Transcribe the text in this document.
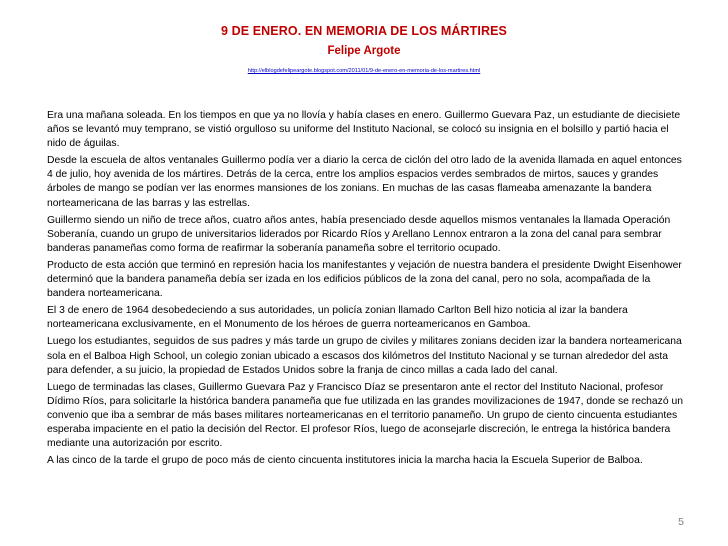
9 DE ENERO. EN MEMORIA DE LOS MÁRTIRES
Felipe Argote
http://elblogdefelipeargote.blogspot.com/2011/01/9-de-enero-en-memoria-de-los-martires.html

Era una mañana soleada. En los tiempos en que ya no llovía y había clases en enero. Guillermo Guevara Paz, un estudiante de diecisiete años se levantó muy temprano, se vistió orgulloso su uniforme del Instituto Nacional, se colocó su insignia en el bolsillo y partió hacia el nido de águilas.

Desde la escuela de altos ventanales Guillermo podía ver a diario la cerca de ciclón del otro lado de la avenida llamada en aquel entonces 4 de julio, hoy avenida de los mártires. Detrás de la cerca, entre los amplios espacios verdes sembrados de mirtos, sauces y grandes árboles de mango se podían ver las enormes mansiones de los zonians. En muchas de las casas flameaba amenazante la bandera norteamericana de las barras y las estrellas.

Guillermo siendo un niño de trece años, cuatro años antes, había presenciado desde aquellos mismos ventanales la llamada Operación Soberanía, cuando un grupo de universitarios liderados por Ricardo Ríos y Arellano Lennox entraron a la zona del canal para sembrar banderas panameñas como forma de reafirmar la soberanía panameña sobre el territorio ocupado.

Producto de esta acción que terminó en represión hacia los manifestantes y vejación de nuestra bandera el presidente Dwight Eisenhower determinó que la bandera panameña debía ser izada en los edificios públicos de la zona del canal, pero no sola, acompañada de la bandera norteamericana.

El 3 de enero de 1964 desobedeciendo a sus autoridades, un policía zonian llamado Carlton Bell hizo noticia al izar la bandera norteamericana exclusivamente, en el Monumento de los héroes de guerra norteamericanos en Gamboa.

Luego los estudiantes, seguidos de sus padres y más tarde un grupo de civiles y militares zonians deciden izar la bandera norteamericana sola en el Balboa High School, un colegio zonian ubicado a escasos dos kilómetros del Instituto Nacional y se turnan alrededor del asta para defender, a su juicio, la propiedad de Estados Unidos sobre la franja de cinco millas a cada lado del canal.

Luego de terminadas las clases, Guillermo Guevara Paz y Francisco Díaz se presentaron ante el rector del Instituto Nacional, profesor Dídimo Ríos, para solicitarle la histórica bandera panameña que fue utilizada en las grandes movilizaciones de 1947, donde se rechazó un convenio que iba a sembrar de más bases militares norteamericanas en el territorio panameño. Un grupo de ciento cincuenta estudiantes esperaba impaciente en el patio la decisión del Rector. El profesor Ríos, luego de aconsejarle discreción, le entrega la histórica bandera mediante una autorización por escrito.

A las cinco de la tarde el grupo de poco más de ciento cincuenta institutores inicia la marcha hacia la Escuela Superior de Balboa.

5
